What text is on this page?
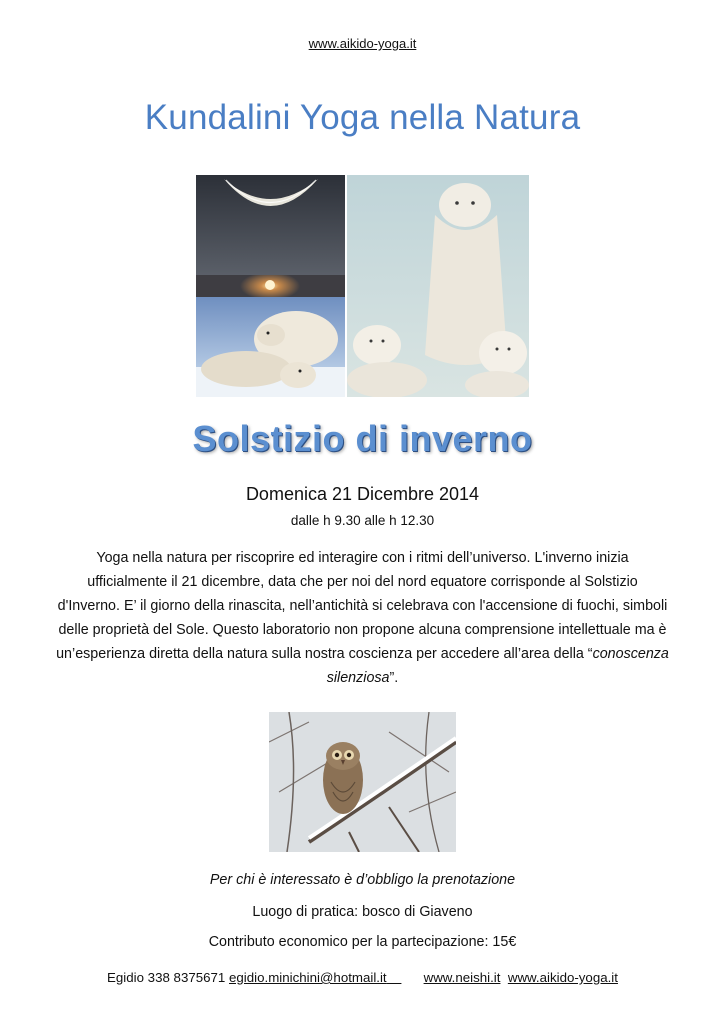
www.aikido-yoga.it
Kundalini Yoga nella Natura
Solstizio di inverno
Domenica 21 Dicembre 2014
dalle h 9.30 alle h 12.30
Yoga nella natura per riscoprire ed interagire con i ritmi dell’universo. L'inverno inizia ufficialmente il 21 dicembre, data che per noi del nord equatore corrisponde al Solstizio d'Inverno. E’ il giorno della rinascita, nell’antichità si celebrava con l'accensione di fuochi, simboli delle proprietà del Sole. Questo laboratorio non propone alcuna comprensione intellettuale ma è un’esperienza diretta della natura sulla nostra coscienza per accedere all’area della “conoscenza silenziosa”.
Per chi è interessato è d’obbligo la prenotazione
Luogo di pratica: bosco di Giaveno
Contributo economico per la partecipazione: 15€
Egidio 338 8375671 egidio.minichini@hotmail.it	www.neishi.it www.aikido-yoga.it
